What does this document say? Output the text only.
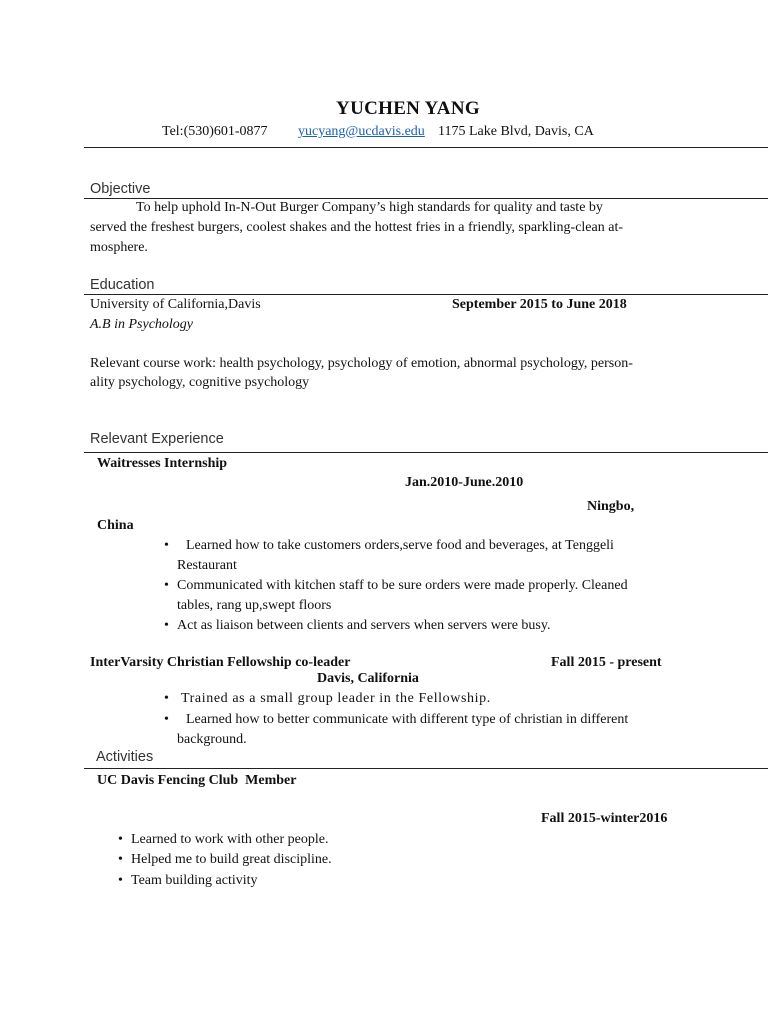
YUCHEN YANG
Tel:(530)601-0877 yucyang@ucdavis.edu 1175 Lake Blvd, Davis, CA
Objective
To help uphold In-N-Out Burger Company’s high standards for quality and taste by
served the freshest burgers, coolest shakes and the hottest fries in a friendly, sparkling-clean at-
mosphere.
Education
University of California,Davis	September 2015 to June 2018
A.B in Psychology
Relevant course work: health psychology, psychology of emotion, abnormal psychology, person-
ality psychology, cognitive psychology
Relevant Experience
Waitresses Internship
Jan.2010-June.2010
Ningbo,
China
• Learned how to take customers orders,serve food and beverages, at Tenggeli
Restaurant
• Communicated with kitchen staff to be sure orders were made properly. Cleaned
tables, rang up,swept floors
• Act as liaison between clients and servers when servers were busy.
InterVarsity Christian Fellowship co-leader	Fall 2015 - present
Davis, California
• Trained as a small group leader in the Fellowship.
• Learned how to better communicate with different type of christian in different
background.
Activities
UC Davis Fencing Club  Member
Fall 2015-winter2016
• Learned to work with other people.
• Helped me to build great discipline.
• Team building activity
